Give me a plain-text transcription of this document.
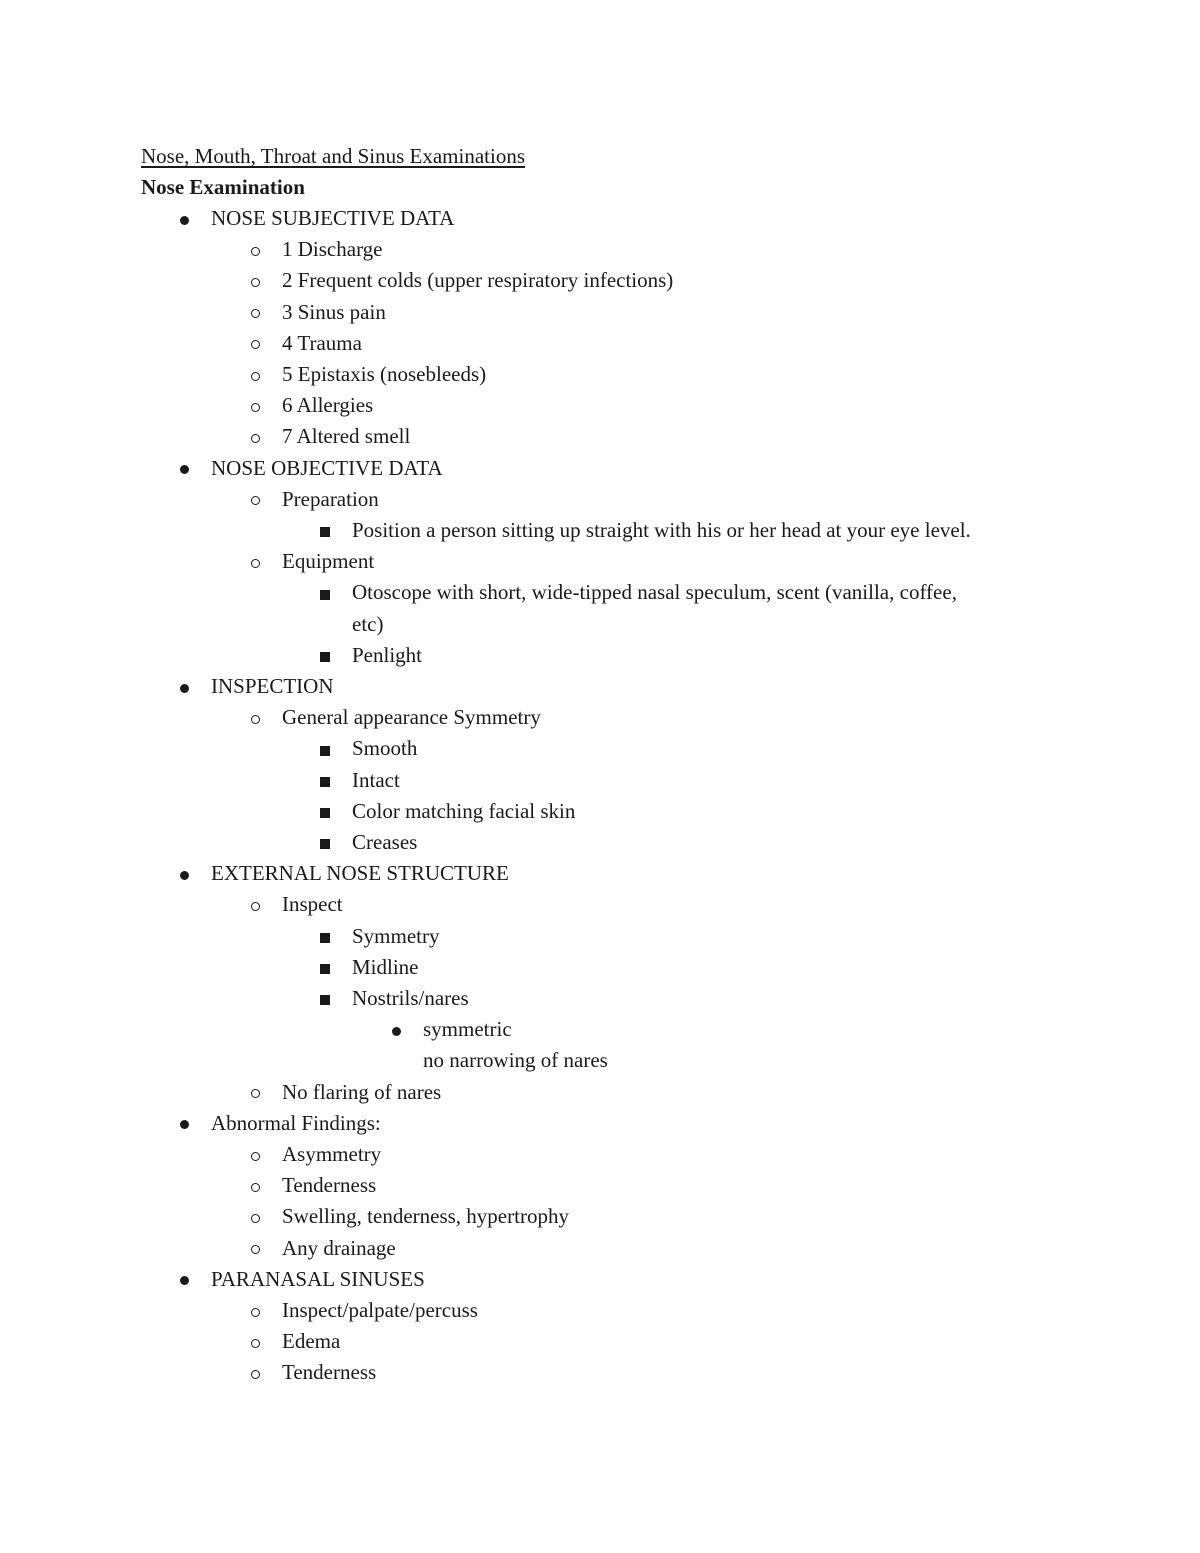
Nose, Mouth, Throat and Sinus Examinations
Nose Examination
NOSE SUBJECTIVE DATA
1 Discharge
2 Frequent colds (upper respiratory infections)
3 Sinus pain
4 Trauma
5 Epistaxis (nosebleeds)
6 Allergies
7 Altered smell
NOSE OBJECTIVE DATA
Preparation
Position a person sitting up straight with his or her head at your eye level.
Equipment
Otoscope with short, wide-tipped nasal speculum, scent (vanilla, coffee,
etc)
Penlight
INSPECTION
General appearance Symmetry
Smooth
Intact
Color matching facial skin
Creases
EXTERNAL NOSE STRUCTURE
Inspect
Symmetry
Midline
Nostrils/nares
symmetric
no narrowing of nares
No flaring of nares
Abnormal Findings:
Asymmetry
Tenderness
Swelling, tenderness, hypertrophy
Any drainage
PARANASAL SINUSES
Inspect/palpate/percuss
Edema
Tenderness
